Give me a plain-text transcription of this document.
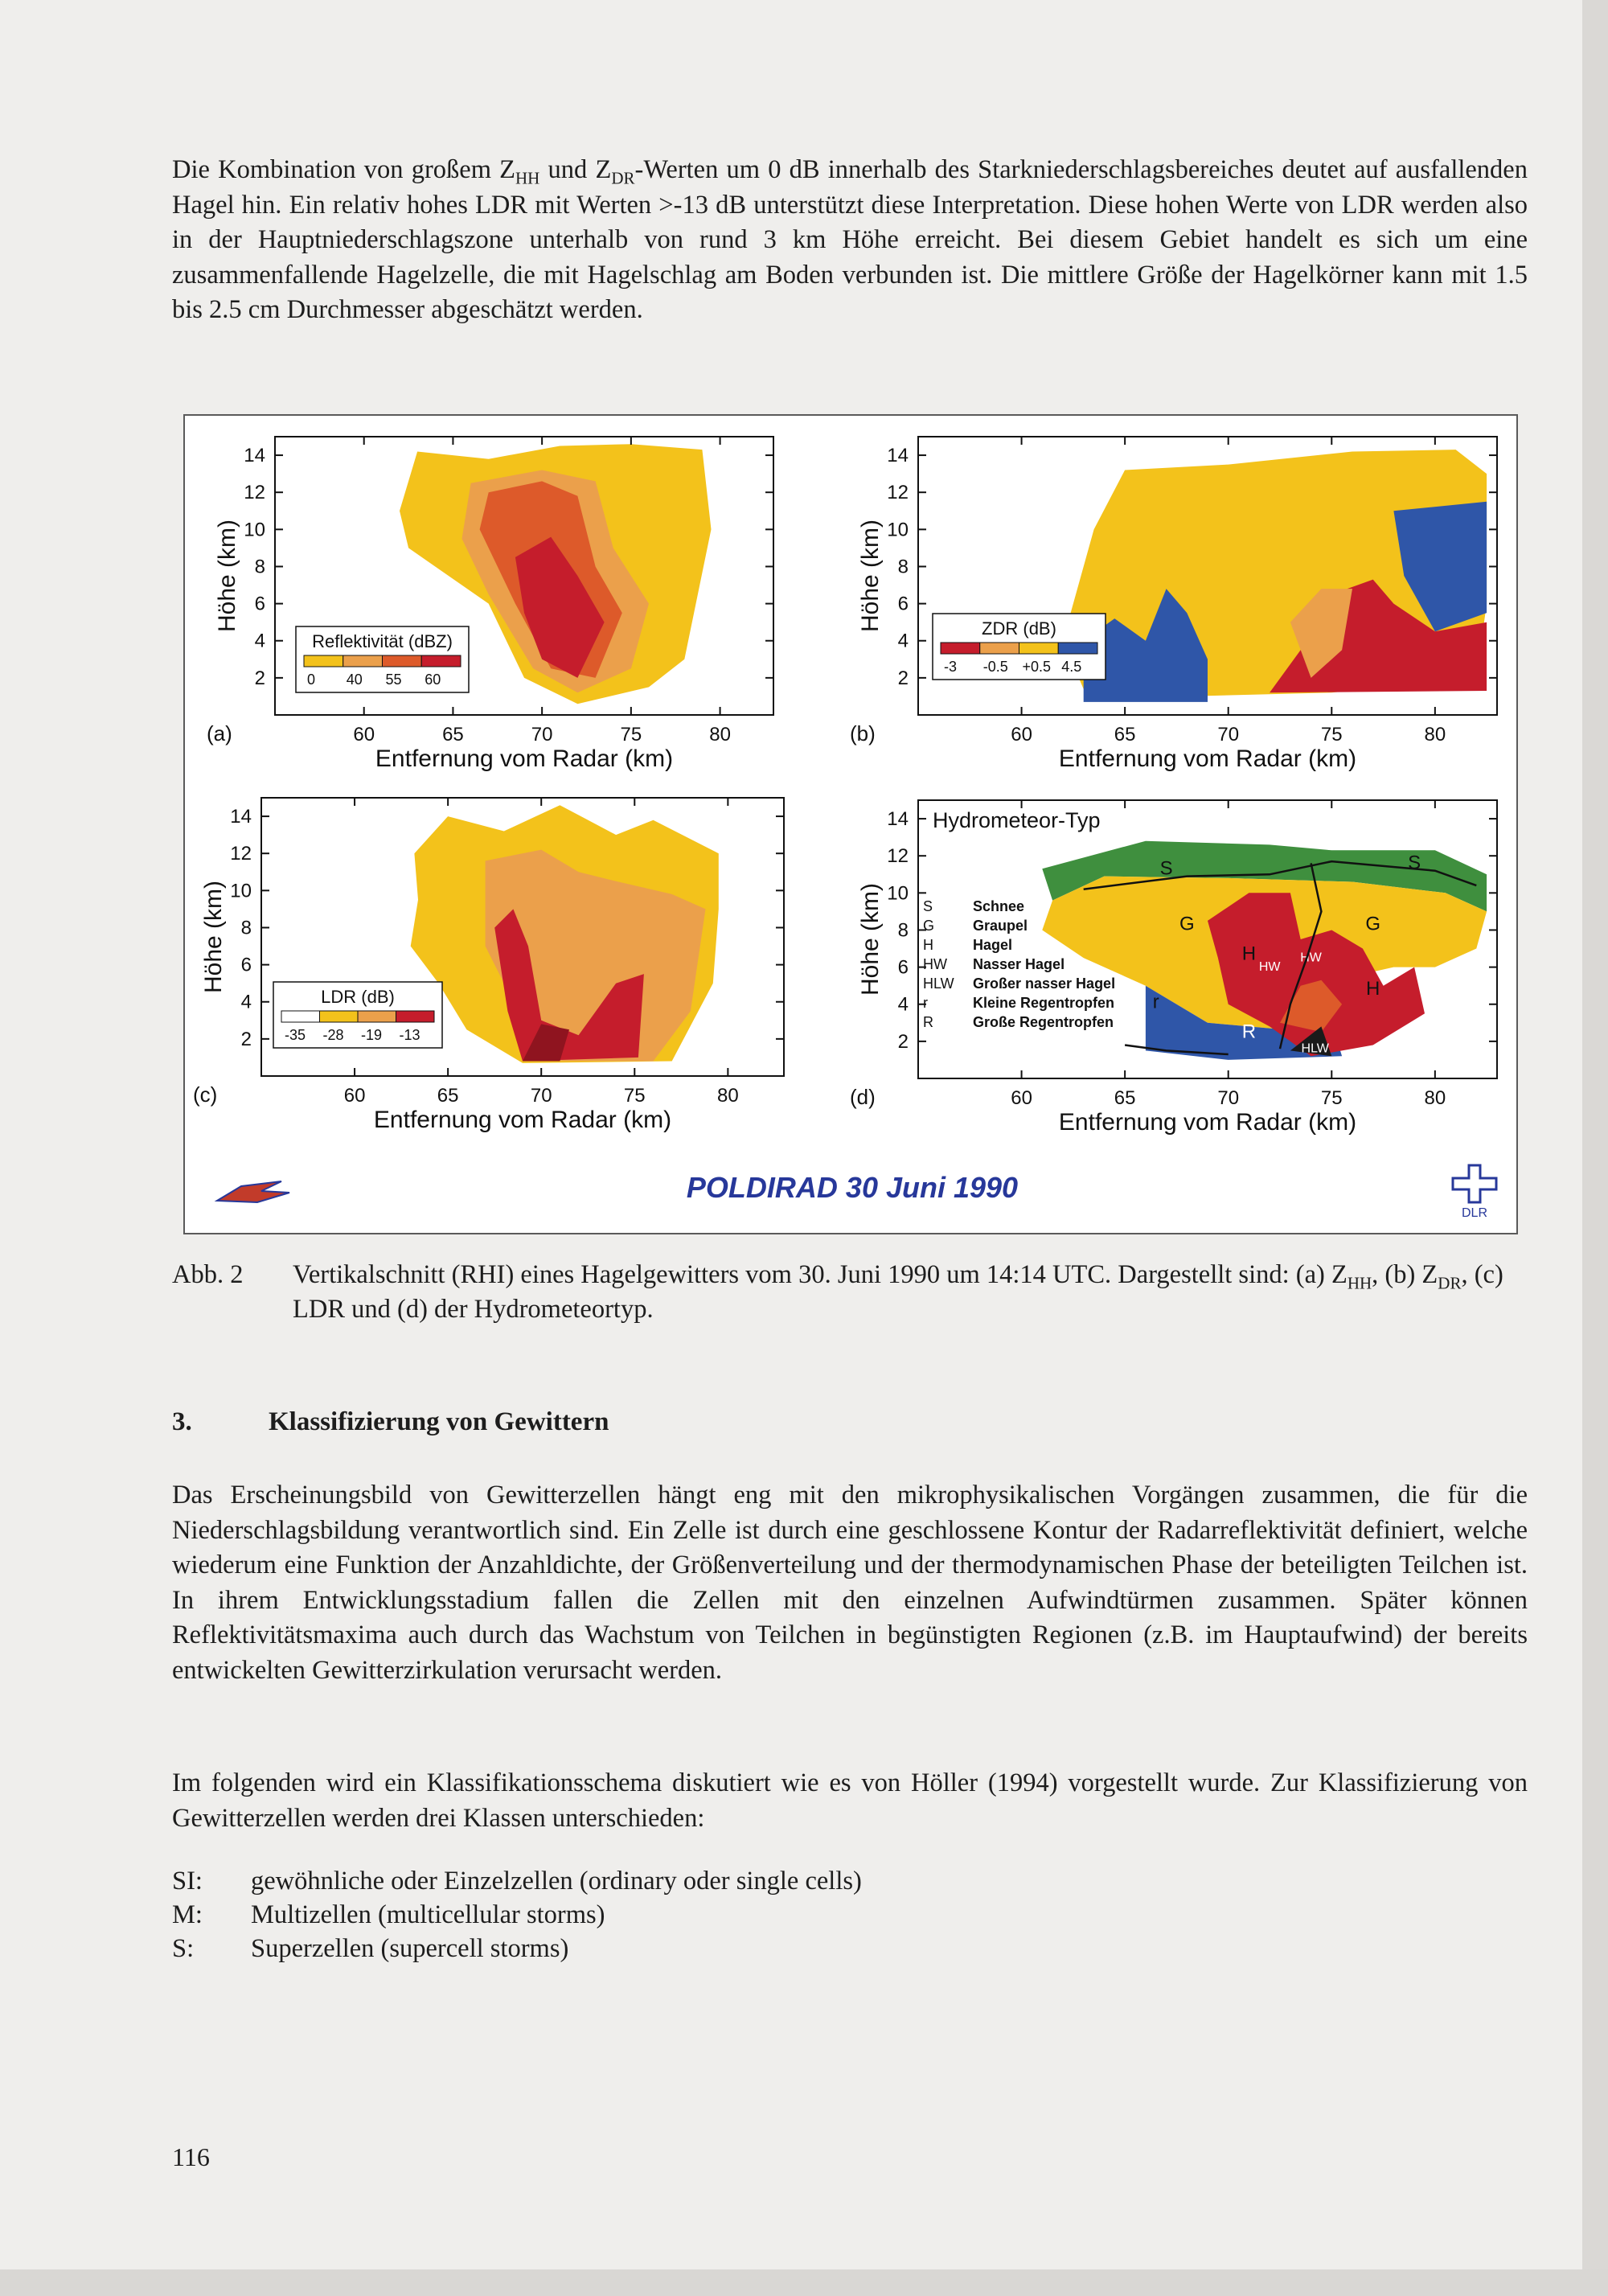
Die Kombination von großem $Z_{HH}$ und $Z_{DR}$-Werten um 0 dB innerhalb des Starkniederschlagsbereiches deutet auf ausfallenden Hagel hin. Ein relativ hohes LDR mit Werten >-13 dB unterstützt diese Interpretation. Diese hohen Werte von LDR werden also in der Hauptniederschlagszone unterhalb von rund 3 km Höhe erreicht. Bei diesem Gebiet handelt es sich um eine zusammenfallende Hagelzelle, die mit Hagelschlag am Boden verbunden ist. Die mittlere Größe der Hagelkörner kann mit 1.5 bis 2.5 cm Durchmesser abgeschätzt werden.

2
4
6
8
10
12
14
60	65	70	75	80
Entfernung vom Radar (km)
Höhe (km)
(a)
Reflektivität (dBZ)
0 40 55 60	2
4
6
8
10
12
14
60	65	70	75	80
Entfernung vom Radar (km)
Höhe (km)
(b)
ZDR (dB)
-3 -0.5 +0.5 4.5
2
4
6
8
10
12
14
60	65	70	75	80
Entfernung vom Radar (km)
Höhe (km)
(c)
LDR (dB)
-35 -28 -19 -13	2
4
6
8
10
12
14
60	65	70	75	80
Entfernung vom Radar (km)
Höhe (km)
(d)
Hydrometeor-Typ
S	Schnee
G	Graupel
H	Hagel
HW Nasser Hagel
HLW Großer nasser Hagel
r	Kleine Regentropfen
R	Große Regentropfen
S	S
G	G
H
HW
HW
H
r
R
R	HLW
POLDIRAD 30 Juni 1990
DLR
Abb. 2	Vertikalschnitt (RHI) eines Hagelgewitters vom 30. Juni 1990 um 14:14 UTC. Dargestellt sind: (a) $Z_{HH}$, (b) $Z_{DR}$, (c) LDR und (d) der Hydrometeortyp.
3.	Klassifizierung von Gewittern

Das Erscheinungsbild von Gewitterzellen hängt eng mit den mikrophysikalischen Vorgängen zusammen, die für die Niederschlagsbildung verantwortlich sind. Ein Zelle ist durch eine geschlossene Kontur der Radarreflektivität definiert, welche wiederum eine Funktion der Anzahldichte, der Größenverteilung und der thermodynamischen Phase der beteiligten Teilchen ist. In ihrem Entwicklungsstadium fallen die Zellen mit den einzelnen Aufwindtürmen zusammen. Später können Reflektivitätsmaxima auch durch das Wachstum von Teilchen in begünstigten Regionen (z.B. im Hauptaufwind) der bereits entwickelten Gewitterzirkulation verursacht werden.

Im folgenden wird ein Klassifikationsschema diskutiert wie es von Höller (1994) vorgestellt wurde. Zur Klassifizierung von Gewitterzellen werden drei Klassen unterschieden:

SI:	gewöhnliche oder Einzelzellen (ordinary oder single cells)
M:	Multizellen (multicellular storms)
S:	Superzellen (supercell storms)
116
